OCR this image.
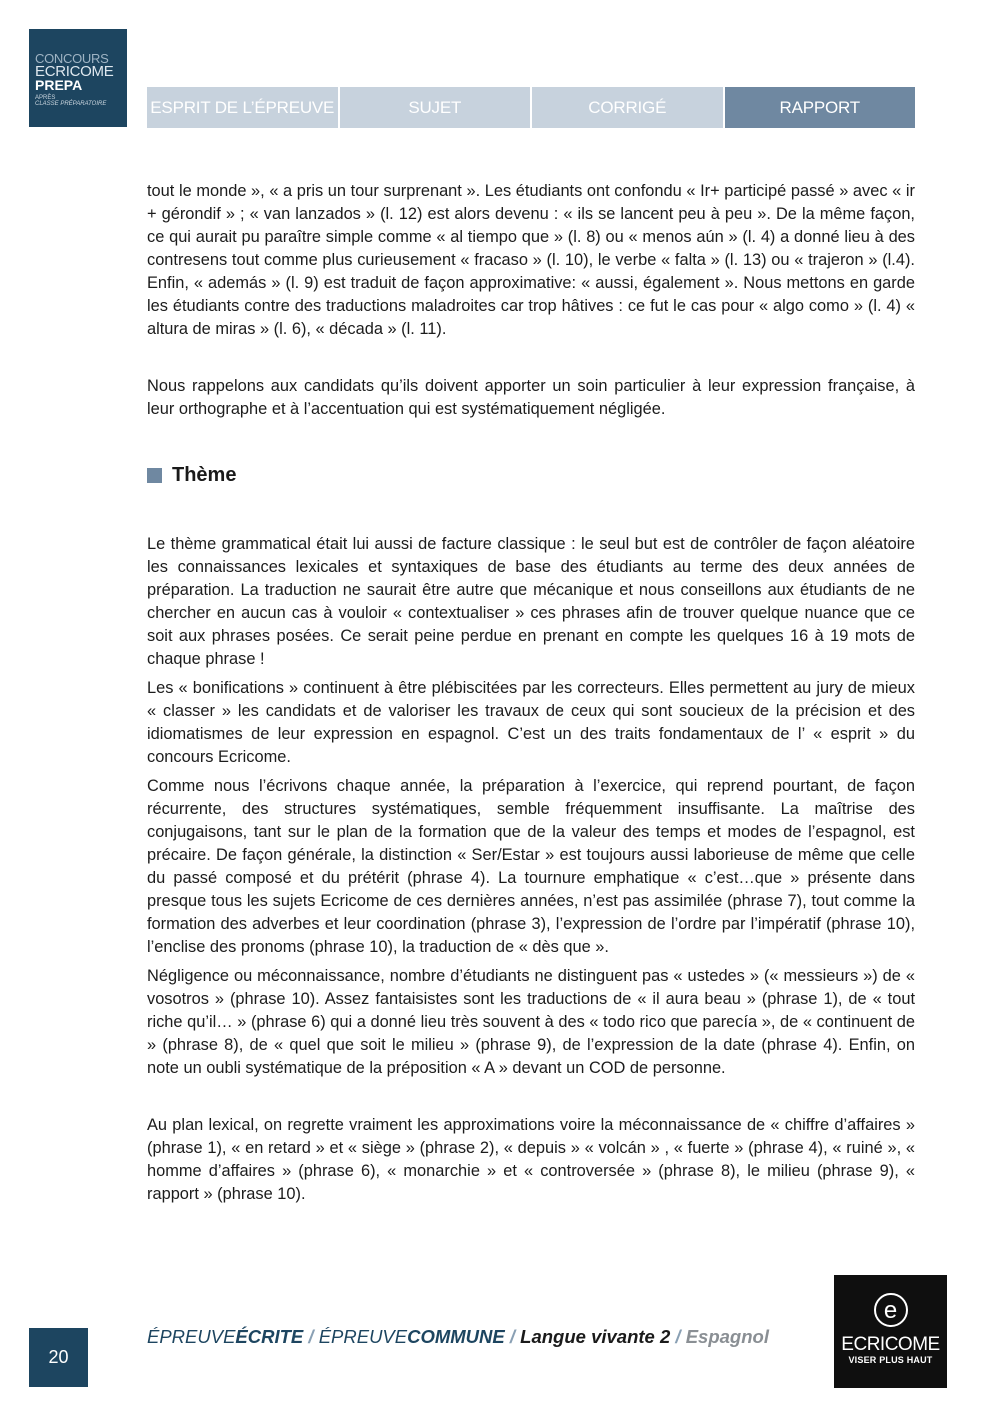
CONCOURS
ECRICOME
PREPA
APRÈS
CLASSE PRÉPARATOIRE	ESPRIT DE L’ÉPREUVE	SUJET	CORRIGÉ	RAPPORT

tout le monde », « a pris un tour surprenant ». Les étudiants ont confondu « Ir+ participé passé » avec « ir + gérondif » ; « van lanzados » (l. 12) est alors devenu : « ils se lancent peu à peu ». De la même façon, ce qui aurait pu paraître simple comme « al tiempo que » (l. 8) ou « menos aún » (l. 4) a donné lieu à des contresens tout comme plus curieusement « fracaso » (l. 10), le verbe « falta » (l. 13) ou « trajeron » (l.4). Enfin, « además » (l. 9) est traduit de façon approximative: « aussi, également ». Nous mettons en garde les étudiants contre des traductions maladroites car trop hâtives : ce fut le cas pour « algo como » (l. 4) « altura de miras » (l. 6), « década » (l. 11).

Nous rappelons aux candidats qu’ils doivent apporter un soin particulier à leur expression française, à leur orthographe et à l’accentuation qui est systématiquement négligée.

Thème

Le thème grammatical était lui aussi de facture classique : le seul but est de contrôler de façon aléatoire les connaissances lexicales et syntaxiques de base des étudiants au terme des deux années de préparation. La traduction ne saurait être autre que mécanique et nous conseillons aux étudiants de ne chercher en aucun cas à vouloir « contextualiser » ces phrases afin de trouver quelque nuance que ce soit aux phrases posées. Ce serait peine perdue en prenant en compte les quelques 16 à 19 mots de chaque phrase !

Les « bonifications » continuent à être plébiscitées par les correcteurs. Elles permettent au jury de mieux « classer » les candidats et de valoriser les travaux de ceux qui sont soucieux de la précision et des idiomatismes de leur expression en espagnol. C’est un des traits fondamentaux de l’ « esprit » du concours Ecricome.

Comme nous l’écrivons chaque année, la préparation à l’exercice, qui reprend pourtant, de façon récurrente, des structures systématiques, semble fréquemment insuffisante. La maîtrise des conjugaisons, tant sur le plan de la formation que de la valeur des temps et modes de l’espagnol, est précaire. De façon générale, la distinction « Ser/Estar » est toujours aussi laborieuse de même que celle du passé composé et du prétérit (phrase 4). La tournure emphatique « c’est…que » présente dans presque tous les sujets Ecricome de ces dernières années, n’est pas assimilée (phrase 7), tout comme la formation des adverbes et leur coordination (phrase 3), l’expression de l’ordre par l’impératif (phrase 10), l’enclise des pronoms (phrase 10), la traduction de « dès que ».

Négligence ou méconnaissance, nombre d’étudiants ne distinguent pas « ustedes » (« messieurs ») de « vosotros » (phrase 10). Assez fantaisistes sont les traductions de « il aura beau » (phrase 1), de « tout riche qu’il… » (phrase 6) qui a donné lieu très souvent à des « todo rico que parecía », de « continuent de » (phrase 8), de « quel que soit le milieu » (phrase 9), de l’expression de la date (phrase 4). Enfin, on note un oubli systématique de la préposition « A » devant un COD de personne.

Au plan lexical, on regrette vraiment les approximations voire la méconnaissance de « chiffre d’affaires » (phrase 1), « en retard » et « siège » (phrase 2), « depuis » « volcán » , « fuerte » (phrase 4), « ruiné », « homme d’affaires » (phrase 6), « monarchie » et « controversée » (phrase 8), le milieu (phrase 9), « rapport » (phrase 10).

20
ÉPREUVEÉCRITE / ÉPREUVECOMMUNE / Langue vivante 2 / Espagnol
e
ECRICOME
VISER PLUS HAUT
